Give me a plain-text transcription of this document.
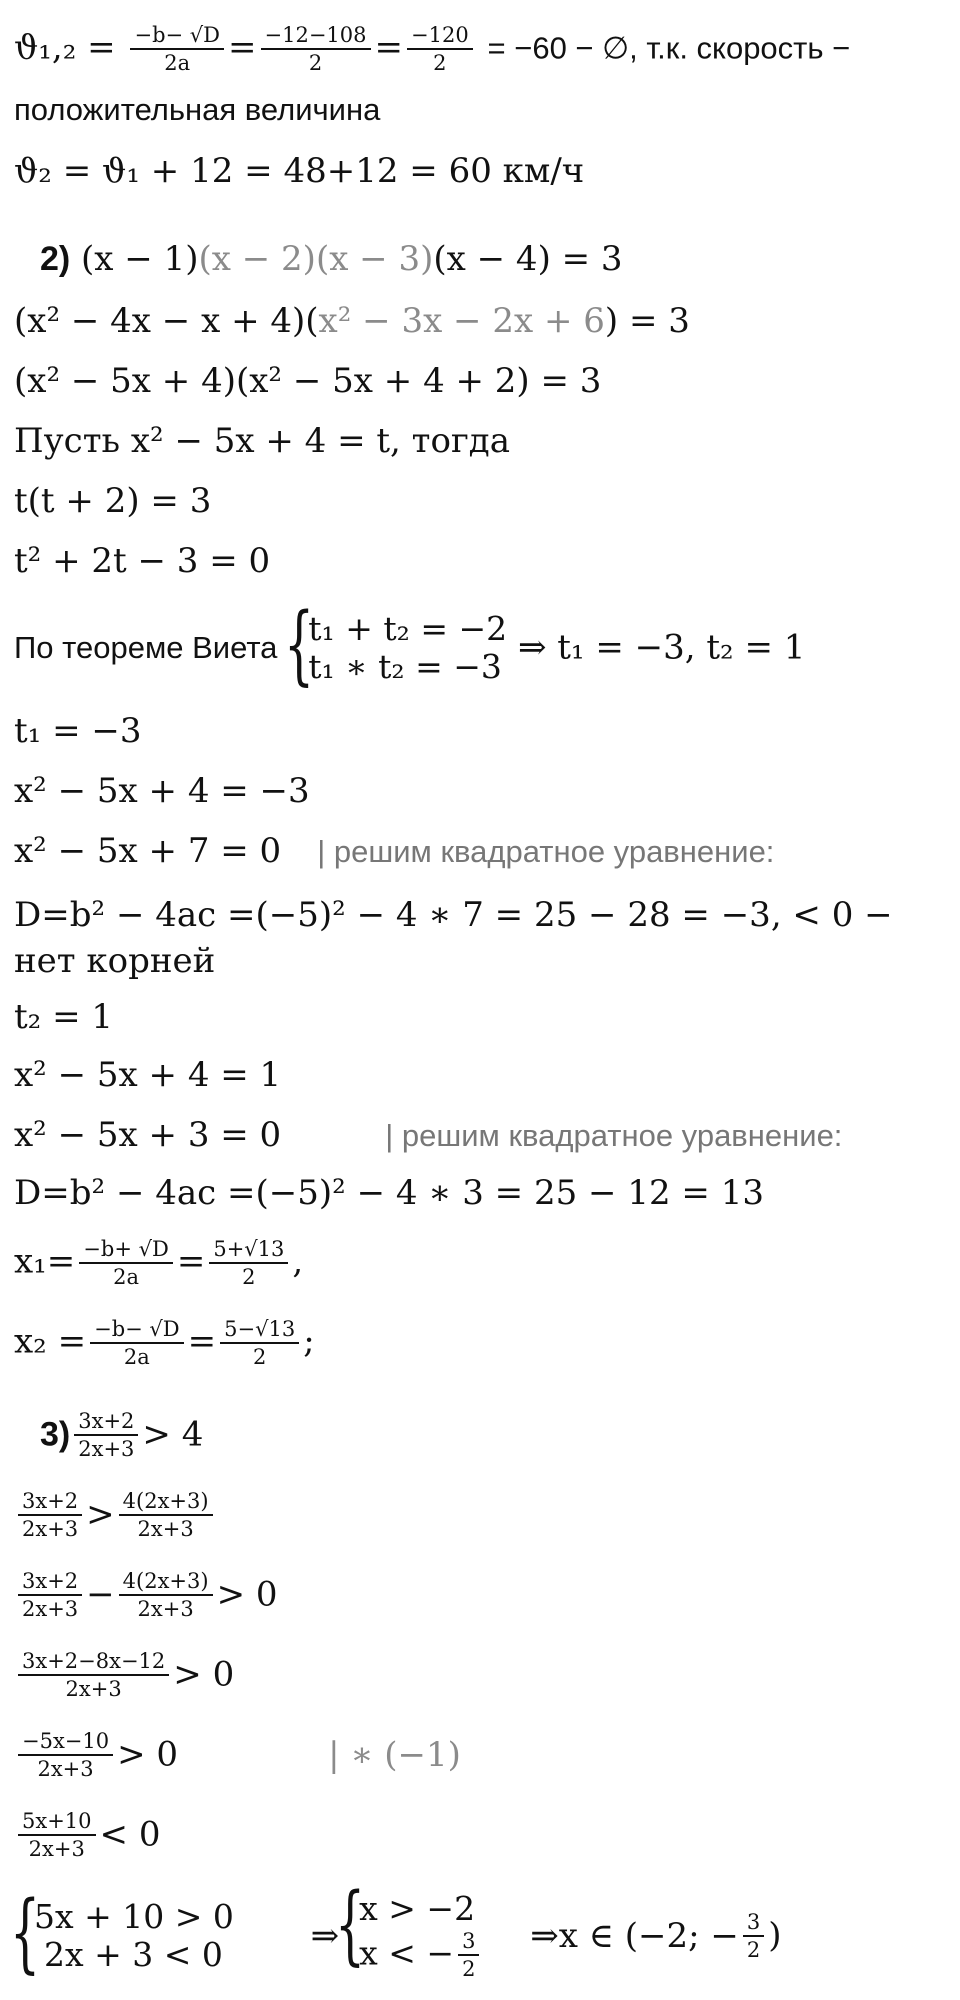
$ϑ_1,_2 = \frac{-b- √D}{2a} = \frac{-12-108}{2} = \frac{-120}{2} = -60$ − ∅, т.к. скорость −
положительная величина
ϑ₂ = ϑ₁ + 12 = 48+12 = 60 км/ч
2) (x − 1)(x − 2)(x − 3)(x − 4) = 3
(x² − 4x − x + 4)(x² − 3x − 2x + 6) = 3
(x² − 5x + 4)(x² − 5x + 4 + 2) = 3
Пусть x² − 5x + 4 = t, тогда
t(t + 2) = 3
t² + 2t − 3 = 0
По теореме Виета
{ t₁ + t₂ = −2
t₁ ∗ t₂ = −3 ⇒ t₁ = −3, t₂ = 1
t₁ = −3
x² − 5x + 4 = −3
x² − 5x + 7 = 0 | решим квадратное уравнение:
D=b² − 4ac =(−5)² − 4 ∗ 7 = 25 − 28 = −3, < 0 −
нет корней
t₂ = 1
x² − 5x + 4 = 1
x² − 5x + 3 = 0	| решим квадратное уравнение:
D=b² − 4ac =(−5)² − 4 ∗ 3 = 25 − 12 = 13
$x_1= \frac{-b+ √D}{2a} = \frac{5+√13}{2}$ ,
$x_2 = \frac{-b- √D}{2a} = \frac{5-√13}{2}$ ;
$3) \frac{3x+2}{2x+3} > 4$
$\frac{3x+2}{2x+3} > \frac{4(2x+3)}{2x+3}$
$\frac{3x+2}{2x+3} - \frac{4(2x+3)}{2x+3} > 0$
$\frac{3x+2-8x-12}{2x+3} > 0$
$\frac{-5x-10}{2x+3} > 0$	| ∗ (−1)
$\frac{5x+10}{2x+3} < 0$
{ 5x + 10 > 0
2x + 3 < 0	⇒
{ x > −2
x < − $\frac{3}{2}$ ⇒x ∈ (−2; − $\frac{3}{2}$ )
